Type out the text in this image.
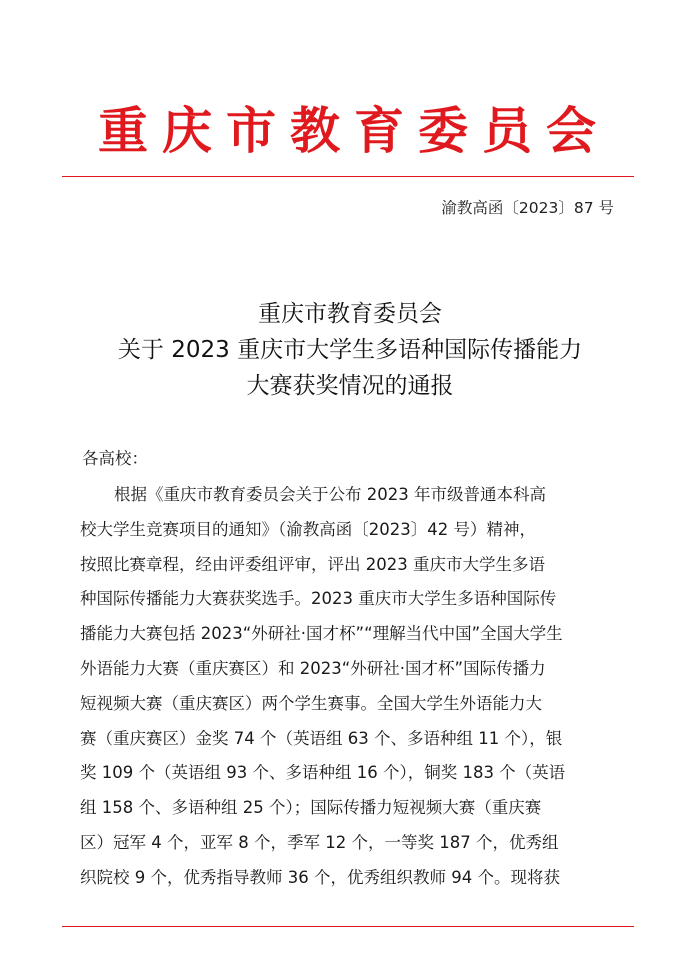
重庆市教育委员会
渝教高函〔2023〕87 号
重庆市教育委员会
关于 2023 重庆市大学生多语种国际传播能力
大赛获奖情况的通报
各高校：
根据《重庆市教育委员会关于公布 2023 年市级普通本科高
校大学生竞赛项目的通知》（渝教高函〔2023〕42 号）精神，
按照比赛章程，经由评委组评审，评出 2023 重庆市大学生多语
种国际传播能力大赛获奖选手。2023 重庆市大学生多语种国际传
播能力大赛包括 2023“外研社·国才杯”“理解当代中国”全国大学生
外语能力大赛（重庆赛区）和 2023“外研社·国才杯”国际传播力
短视频大赛（重庆赛区）两个学生赛事。全国大学生外语能力大
赛（重庆赛区）金奖 74 个（英语组 63 个、多语种组 11 个），银
奖 109 个（英语组 93 个、多语种组 16 个），铜奖 183 个（英语
组 158 个、多语种组 25 个）；国际传播力短视频大赛（重庆赛
区）冠军 4 个，亚军 8 个，季军 12 个，一等奖 187 个，优秀组
织院校 9 个，优秀指导教师 36 个，优秀组织教师 94 个。现将获
